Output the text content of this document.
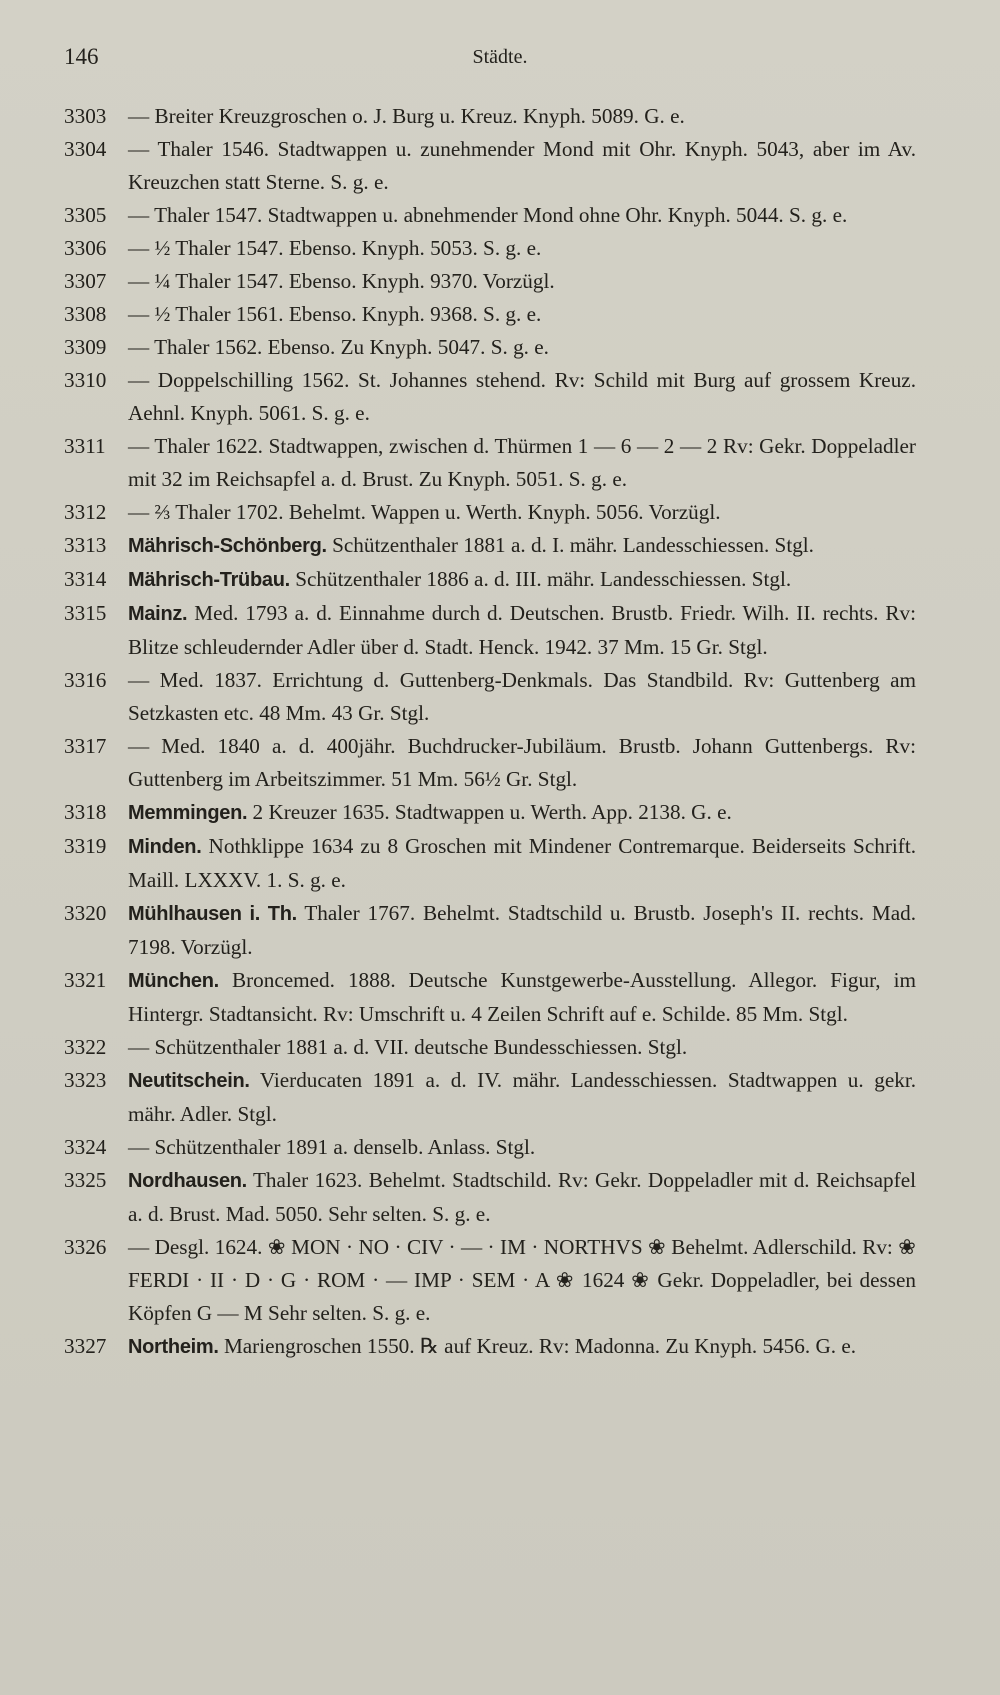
146	Städte.
3303 — Breiter Kreuzgroschen o. J. Burg u. Kreuz. Knyph. 5089. G. e.
3304 — Thaler 1546. Stadtwappen u. zunehmender Mond mit Ohr. Knyph. 5043, aber im Av. Kreuzchen statt Sterne. S. g. e.
3305 — Thaler 1547. Stadtwappen u. abnehmender Mond ohne Ohr. Knyph. 5044. S. g. e.
3306 — ½ Thaler 1547. Ebenso. Knyph. 5053. S. g. e.
3307 — ¼ Thaler 1547. Ebenso. Knyph. 9370. Vorzügl.
3308 — ½ Thaler 1561. Ebenso. Knyph. 9368. S. g. e.
3309 — Thaler 1562. Ebenso. Zu Knyph. 5047. S. g. e.
3310 — Doppelschilling 1562. St. Johannes stehend. Rv: Schild mit Burg auf grossem Kreuz. Aehnl. Knyph. 5061. S. g. e.
3311 — Thaler 1622. Stadtwappen, zwischen d. Thürmen 1 — 6 — 2 — 2 Rv: Gekr. Doppeladler mit 32 im Reichsapfel a. d. Brust. Zu Knyph. 5051. S. g. e.
3312 — ⅔ Thaler 1702. Behelmt. Wappen u. Werth. Knyph. 5056. Vorzügl.
3313 Mährisch-Schönberg. Schützenthaler 1881 a. d. I. mähr. Landesschiessen. Stgl.
3314 Mährisch-Trübau. Schützenthaler 1886 a. d. III. mähr. Landesschiessen. Stgl.
3315 Mainz. Med. 1793 a. d. Einnahme durch d. Deutschen. Brustb. Friedr. Wilh. II. rechts. Rv: Blitze schleudernder Adler über d. Stadt. Henck. 1942. 37 Mm. 15 Gr. Stgl.
3316 — Med. 1837. Errichtung d. Guttenberg-Denkmals. Das Standbild. Rv: Guttenberg am Setzkasten etc. 48 Mm. 43 Gr. Stgl.
3317 — Med. 1840 a. d. 400jähr. Buchdrucker-Jubiläum. Brustb. Johann Guttenbergs. Rv: Guttenberg im Arbeitszimmer. 51 Mm. 56½ Gr. Stgl.
3318 Memmingen. 2 Kreuzer 1635. Stadtwappen u. Werth. App. 2138. G. e.
3319 Minden. Nothklippe 1634 zu 8 Groschen mit Mindener Contremarque. Beiderseits Schrift. Maill. LXXXV. 1. S. g. e.
3320 Mühlhausen i. Th. Thaler 1767. Behelmt. Stadtschild u. Brustb. Joseph's II. rechts. Mad. 7198. Vorzügl.
3321 München. Broncemed. 1888. Deutsche Kunstgewerbe-Ausstellung. Allegor. Figur, im Hintergr. Stadtansicht. Rv: Umschrift u. 4 Zeilen Schrift auf e. Schilde. 85 Mm. Stgl.
3322 — Schützenthaler 1881 a. d. VII. deutsche Bundesschiessen. Stgl.
3323 Neutitschein. Vierducaten 1891 a. d. IV. mähr. Landesschiessen. Stadtwappen u. gekr. mähr. Adler. Stgl.
3324 — Schützenthaler 1891 a. denselb. Anlass. Stgl.
3325 Nordhausen. Thaler 1623. Behelmt. Stadtschild. Rv: Gekr. Doppeladler mit d. Reichsapfel a. d. Brust. Mad. 5050. Sehr selten. S. g. e.
3326 — Desgl. 1624. ❀ MON · NO · CIV · — · IM · NORTHVS ❀ Behelmt. Adlerschild. Rv: ❀ FERDI · II · D · G · ROM · — IMP · SEM · A ❀ 1624 ❀ Gekr. Doppeladler, bei dessen Köpfen G — M Sehr selten. S. g. e.
3327 Northeim. Mariengroschen 1550. ℞ auf Kreuz. Rv: Madonna. Zu Knyph. 5456. G. e.
